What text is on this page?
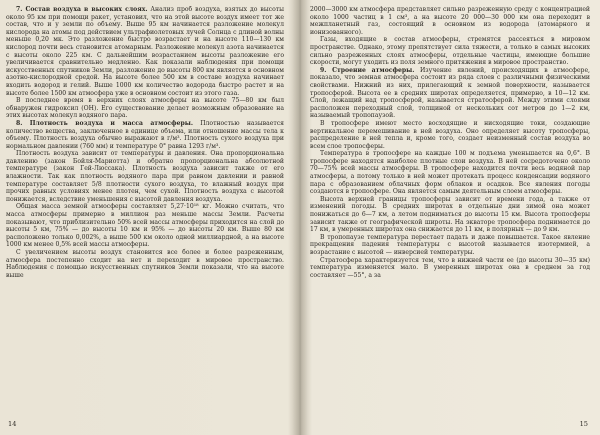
7. Состав воздуха в высоких слоях. Анализ проб воздуха, взятых до высоты около 95 км при помощи ракет, установил, что на этой высоте воздух имеет тот же состав, что и у земли по объему. Выше 95 км начинается разложение молекул кислорода на атомы под действием ультрафиолетовых лучей Солнца с длиной волны меньше 0,20 мк. Это разложение быстро возрастает и на высоте 110—130 км кислород почти весь становится атомарным. Разложение молекул азота начинается с высоты около 225 км. С дальнейшим возрастанием высоты разложение его увеличивается сравнительно медленно. Как показали наблюдения при помощи искусственных спутников Земли, разложение до высоты 800 км является в основном азотно-кислородной средой. На высоте более 500 км в составе воздуха начинает входить водород и гелий. Выше 1000 км количество водорода быстро растет и на высоте более 1500 км атмосфера уже в основном состоит из этого газа.

В последнее время в верхних слоях атмосферы на высоте 75—80 км был обнаружен гидроксил (ОН). Его существование делает возможным образование на этих высотах молекул водяного пара.

8. Плотность воздуха и масса атмосферы. Плотностью называется количество вещества, заключенное в единице объема, или отношение массы тела к объему. Плотность воздуха обычно выражают в г/м³. Плотность сухого воздуха при нормальном давлении (760 мм) и температуре 0° равна 1293 г/м³.

Плотность воздуха зависит от температуры и давления. Она пропорциональна давлению (закон Бойля-Мариотта) и обратно пропорциональна абсолютной температуре (закон Гей-Люссака). Плотность воздуха зависит также от его влажности. Так как плотность водяного пара при равном давлении и равной температуре составляет 5/8 плотности сухого воздуха, то влажный воздух при прочих равных условиях менее плотен, чем сухой. Плотность воздуха с высотой понижается, вследствие уменьшения с высотой давления воздуха.

Общая масса земной атмосферы составляет 5,27·10¹⁸ кг. Можно считать, что масса атмосферы примерно в миллион раз меньше массы Земли. Расчеты показывают, что приблизительно 50% всей массы атмосферы приходится на слой до высоты 5 км, 75% — до высоты 10 км и 95% — до высоты 20 км. Выше 80 км расположено только 0,002%, а выше 500 км около одной миллиардной, а на высоте 1000 км менее 0,5% всей массы атмосферы.

С увеличением высоты воздух становится все более и более разреженным, атмосфера постепенно сходит на нет и переходит в мировое пространство. Наблюдения с помощью искусственных спутников Земли показали, что на высоте выше

14

2000—3000 км атмосфера представляет сильно разреженную среду с концентрацией около 1000 частиц в 1 см³, а на высоте 20 000—30 000 км она переходит в межпланетный газ, состоящий в основном из водорода (атомарного и ионизованного).

Газы, входящие в состав атмосферы, стремятся рассеяться в мировом пространстве. Однако, этому препятствует сила тяжести, а только в самых высоких сильно разреженных слоях атмосферы, отдельные частицы, имеющие большие скорости, могут уходить из поля земного притяжения в мировое пространство.

9. Строение атмосферы. Изучение явлений, происходящих в атмосфере, показало, что земная атмосфера состоит из ряда слоев с различными физическими свойствами. Нижний из них, прилегающий к земной поверхности, называется тропосферой. Высота ее в средних широтах определяется, примерно, в 10—12 км. Слой, лежащий над тропосферой, называется стратосферой. Между этими слоями расположен переходный слой, толщиной от нескольких сот метров до 1—2 км, называемый тропопаузой.

В тропосфере имеют место восходящие и нисходящие токи, создающие вертикальное перемешивание в ней воздуха. Оно определяет высоту тропосферы, распределение в ней тепла и, кроме того, создает неизменный состав воздуха во всем слое тропосферы.

Температура в тропосфере на каждые 100 м подъема уменьшается на 0,6°. В тропосфере находятся наиболее плотные слои воздуха. В ней сосредоточено около 70—75% всей массы атмосферы. В тропосфере находится почти весь водяной пар атмосферы, а потому только в ней может протекать процесс конденсации водяного пара с образованием облачных форм облаков и осадков. Все явления погоды создаются в тропосфере. Она является самым деятельным слоем атмосферы.

Высота верхней границы тропосферы зависит от времени года, а также от изменений погоды. В средних широтах в отдельные дни зимой она может понижаться до 6—7 км, а летом подниматься до высоты 15 км. Высота тропосферы зависит также от географической широты. На экваторе тропосфера поднимается до 17 км, в умеренных широтах она снижается до 11 км, в полярных — до 9 км.

В тропопаузе температура перестает падать и даже повышается. Такое явление прекращения падения температуры с высотой называется изотермией, а возрастание с высотой — инверсией температуры.

Стратосфера характеризуется тем, что в нижней части ее (до высоты 30—35 км) температура изменяется мало. В умеренных широтах она в среднем за год составляет —55°, а за

15
